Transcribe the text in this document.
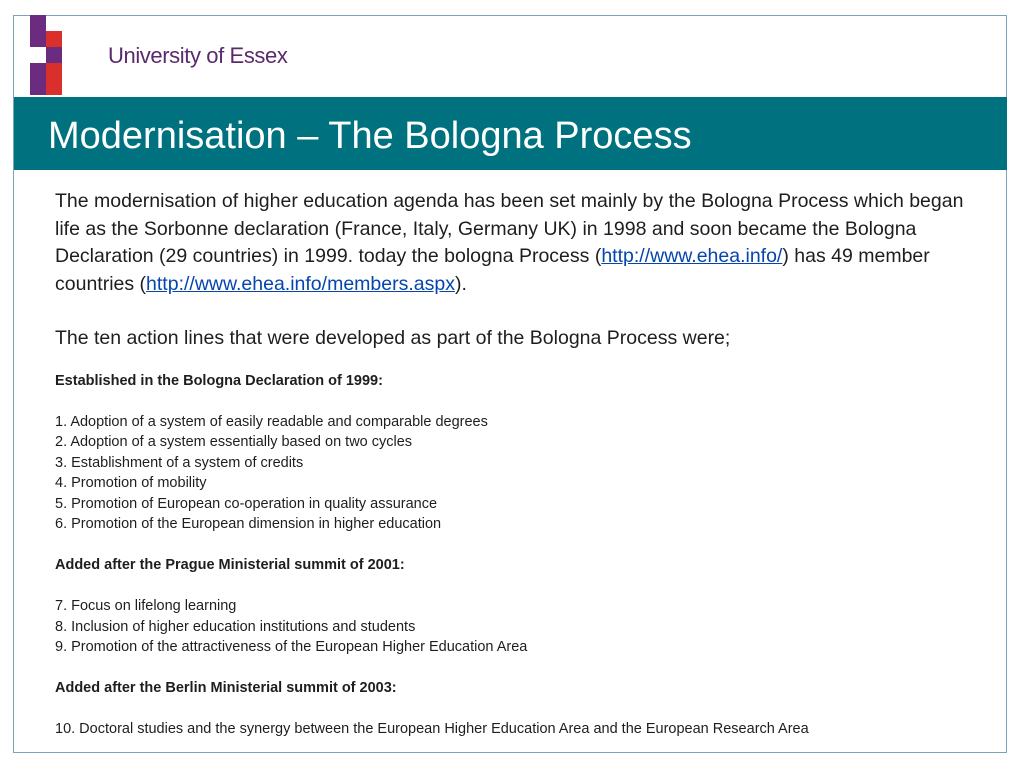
University of Essex
Modernisation – The Bologna Process

The modernisation of higher education agenda has been set mainly by the Bologna Process which began life as the Sorbonne declaration (France, Italy, Germany UK) in 1998 and soon became the Bologna Declaration (29 countries) in 1999. today the bologna Process (http://www.ehea.info/) has 49 member countries (http://www.ehea.info/members.aspx).

The ten action lines that were developed as part of the Bologna Process were;

Established in the Bologna Declaration of 1999:
1. Adoption of a system of easily readable and comparable degrees
2. Adoption of a system essentially based on two cycles
3. Establishment of a system of credits
4. Promotion of mobility
5. Promotion of European co-operation in quality assurance
6. Promotion of the European dimension in higher education
Added after the Prague Ministerial summit of 2001:
7. Focus on lifelong learning
8. Inclusion of higher education institutions and students
9. Promotion of the attractiveness of the European Higher Education Area
Added after the Berlin Ministerial summit of 2003:
10. Doctoral studies and the synergy between the European Higher Education Area and the European Research Area
